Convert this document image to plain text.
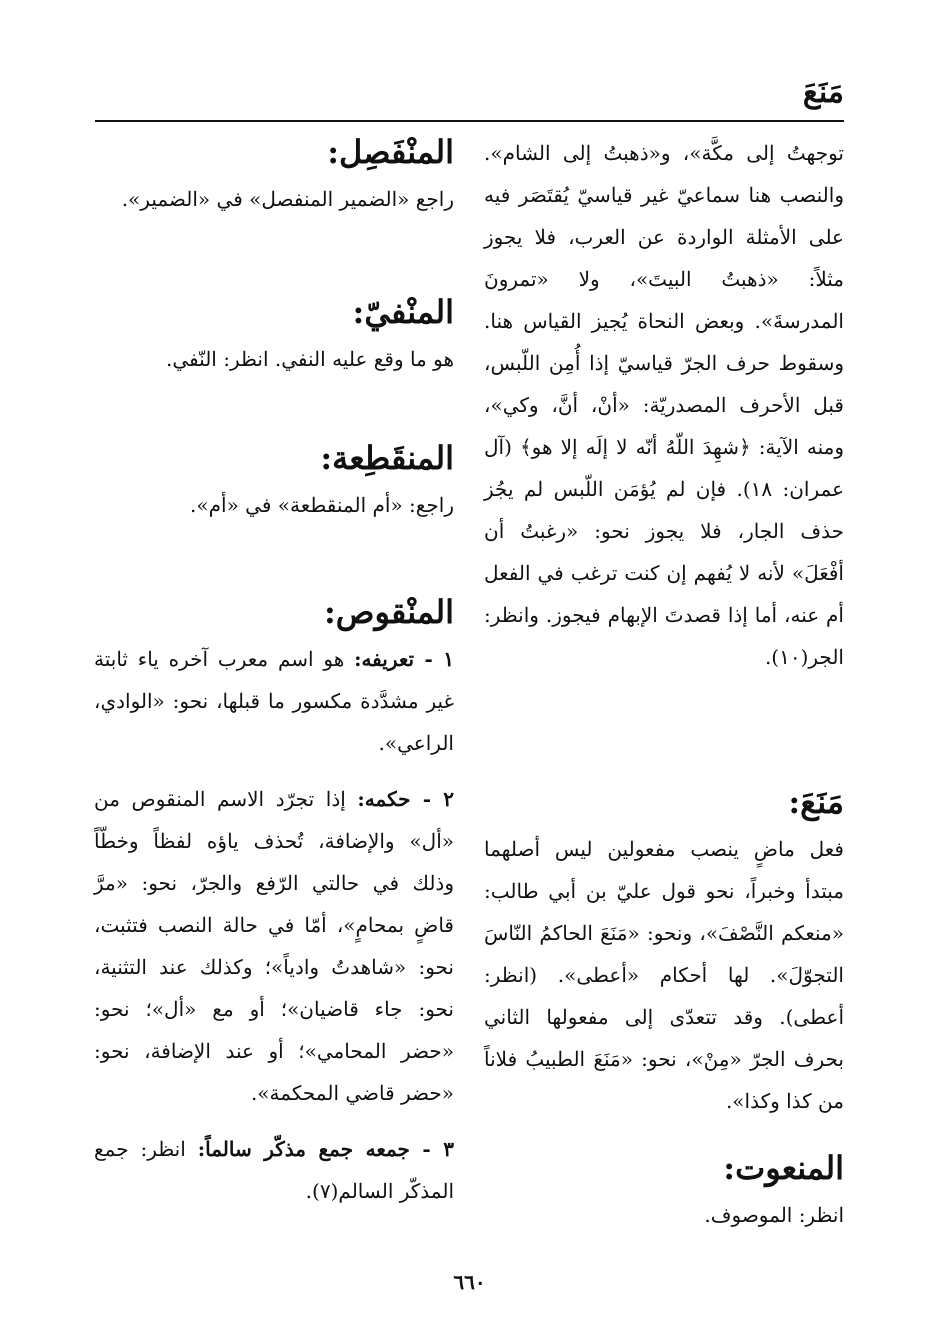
مَنَعَ

توجهتُ إلى مكَّة»، و«ذهبتُ إلى الشام». والنصب هنا سماعيّ غير قياسيّ يُقتَصَر فيه على الأمثلة الواردة عن العرب، فلا يجوز مثلاً: «ذهبتُ البيتَ»، ولا «تمرونَ المدرسةَ». وبعض النحاة يُجيز القياس هنا. وسقوط حرف الجرّ قياسيّ إذا أُمِن اللّبس، قبل الأحرف المصدريّة: «أنْ، أنَّ، وكي»، ومنه الآية: ﴿شهِدَ اللّهُ أنّه لا إلَه إلا هو﴾ (آل عمران: ١٨). فإن لم يُؤمَن اللّبس لم يجُز حذف الجار، فلا يجوز نحو: «رغبتُ أن أفْعَلَ» لأنه لا يُفهم إن كنت ترغب في الفعل أم عنه، أما إذا قصدتَ الإبهام فيجوز. وانظر: الجر(١٠).

مَنَعَ:

فعل ماضٍ ينصب مفعولين ليس أصلهما مبتدأ وخبراً، نحو قول عليّ بن أبي طالب: «منعكم النَّصْفَ»، ونحو: «مَنَعَ الحاكمُ النّاسَ التجوّلَ». لها أحكام «أعطى». (انظر: أعطى). وقد تتعدّى إلى مفعولها الثاني بحرف الجرّ «مِنْ»، نحو: «مَنَعَ الطبيبُ فلاناً من كذا وكذا».

المنعوت:

انظر: الموصوف.

المنْفَصِل:

راجع «الضمير المنفصل» في «الضمير».

المنْفيّ:

هو ما وقع عليه النفي. انظر: النّفي.

المنقَطِعة:

راجع: «أم المنقطعة» في «أم».

المنْقوص:

١ - تعريفه: هو اسم معرب آخره ياء ثابتة غير مشدَّدة مكسور ما قبلها، نحو: «الوادي، الراعي».

٢ - حكمه: إذا تجرّد الاسم المنقوص من «أل» والإضافة، تُحذف ياؤه لفظاً وخطّاً وذلك في حالتي الرّفع والجرّ، نحو: «مرَّ قاضٍ بمحامٍ»، أمّا في حالة النصب فتثبت، نحو: «شاهدتُ وادياً»؛ وكذلك عند التثنية، نحو: جاء قاضيان»؛ أو مع «أل»؛ نحو: «حضر المحامي»؛ أو عند الإضافة، نحو: «حضر قاضي المحكمة».

٣ - جمعه جمع مذكّر سالماً: انظر: جمع المذكّر السالم(٧).

٦٦٠
